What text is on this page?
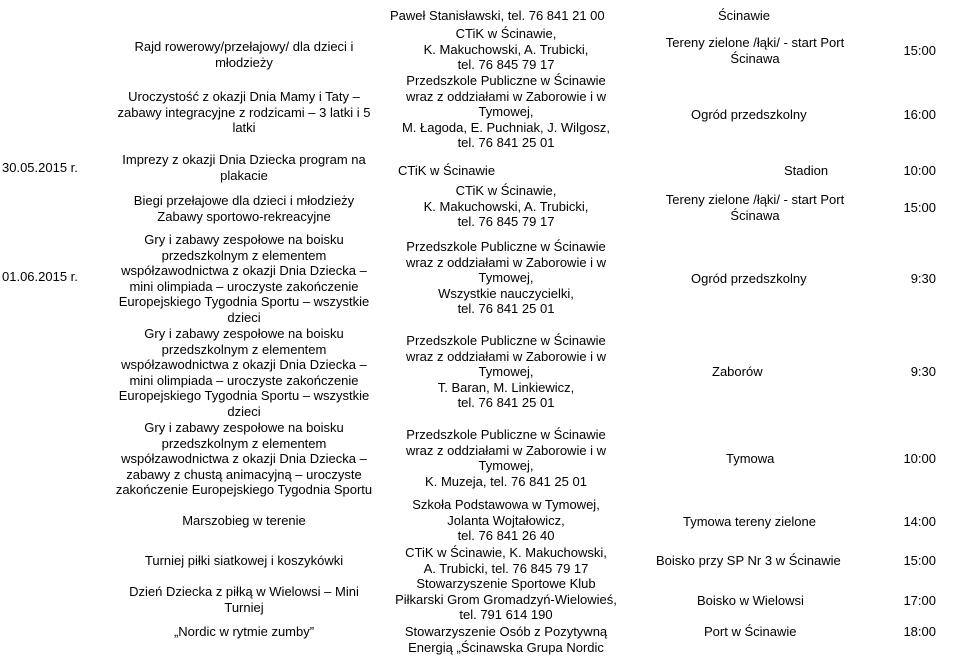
30.05.2015 r.
01.06.2015 r.
Rajd rowerowy/przełajowy/ dla dzieci i
młodzieży
Uroczystość z okazji Dnia Mamy i Taty –
zabawy integracyjne z rodzicami – 3 latki i 5
latki
Imprezy z okazji Dnia Dziecka program na
plakacie
Biegi przełajowe dla dzieci i młodzieży
Zabawy sportowo-rekreacyjne
Gry i zabawy zespołowe na boisku
przedszkolnym z elementem
współzawodnictwa z okazji Dnia Dziecka –
mini olimpiada – uroczyste zakończenie
Europejskiego Tygodnia Sportu – wszystkie
dzieci
Gry i zabawy zespołowe na boisku
przedszkolnym z elementem
współzawodnictwa z okazji Dnia Dziecka –
mini olimpiada – uroczyste zakończenie
Europejskiego Tygodnia Sportu – wszystkie
dzieci
Gry i zabawy zespołowe na boisku
przedszkolnym z elementem
współzawodnictwa z okazji Dnia Dziecka –
zabawy z chustą animacyjną – uroczyste
zakończenie Europejskiego Tygodnia Sportu
Marszobieg w terenie
Turniej piłki siatkowej i koszykówki
Dzień Dziecka z piłką w Wielowsi – Mini
Turniej
„Nordic w rytmie zumby”
Paweł Stanisławski, tel. 76 841 21 00
CTiK w Ścinawie,
K. Makuchowski, A. Trubicki,
tel. 76 845 79 17
Przedszkole Publiczne w Ścinawie
wraz z oddziałami w Zaborowie i w
Tymowej,
M. Łagoda, E. Puchniak, J. Wilgosz,
tel. 76 841 25 01
CTiK w Ścinawie
CTiK w Ścinawie,
K. Makuchowski, A. Trubicki,
tel. 76 845 79 17
Przedszkole Publiczne w Ścinawie
wraz z oddziałami w Zaborowie i w
Tymowej,
Wszystkie nauczycielki,
tel. 76 841 25 01
Przedszkole Publiczne w Ścinawie
wraz z oddziałami w Zaborowie i w
Tymowej,
T. Baran, M. Linkiewicz,
tel. 76 841 25 01
Przedszkole Publiczne w Ścinawie
wraz z oddziałami w Zaborowie i w
Tymowej,
K. Muzeja, tel. 76 841 25 01
Szkoła Podstawowa w Tymowej,
Jolanta Wojtałowicz,
tel. 76 841 26 40
CTiK w Ścinawie, K. Makuchowski,
A. Trubicki, tel. 76 845 79 17
Stowarzyszenie Sportowe Klub
Piłkarski Grom Gromadzyń-Wielowieś,
tel. 791 614 190
Stowarzyszenie Osób z Pozytywną
Energią „Ścinawska Grupa Nordic
Ścinawie
Tereny zielone /łąki/ - start Port
Ścinawa
Ogród przedszkolny
Stadion
Tereny zielone /łąki/ - start Port
Ścinawa
Ogród przedszkolny
Zaborów
Tymowa
Tymowa tereny zielone
Boisko przy SP Nr 3 w Ścinawie
Boisko w Wielowsi
Port w Ścinawie
15:00
16:00
10:00
15:00
9:30
9:30
10:00
14:00
15:00
17:00
18:00
